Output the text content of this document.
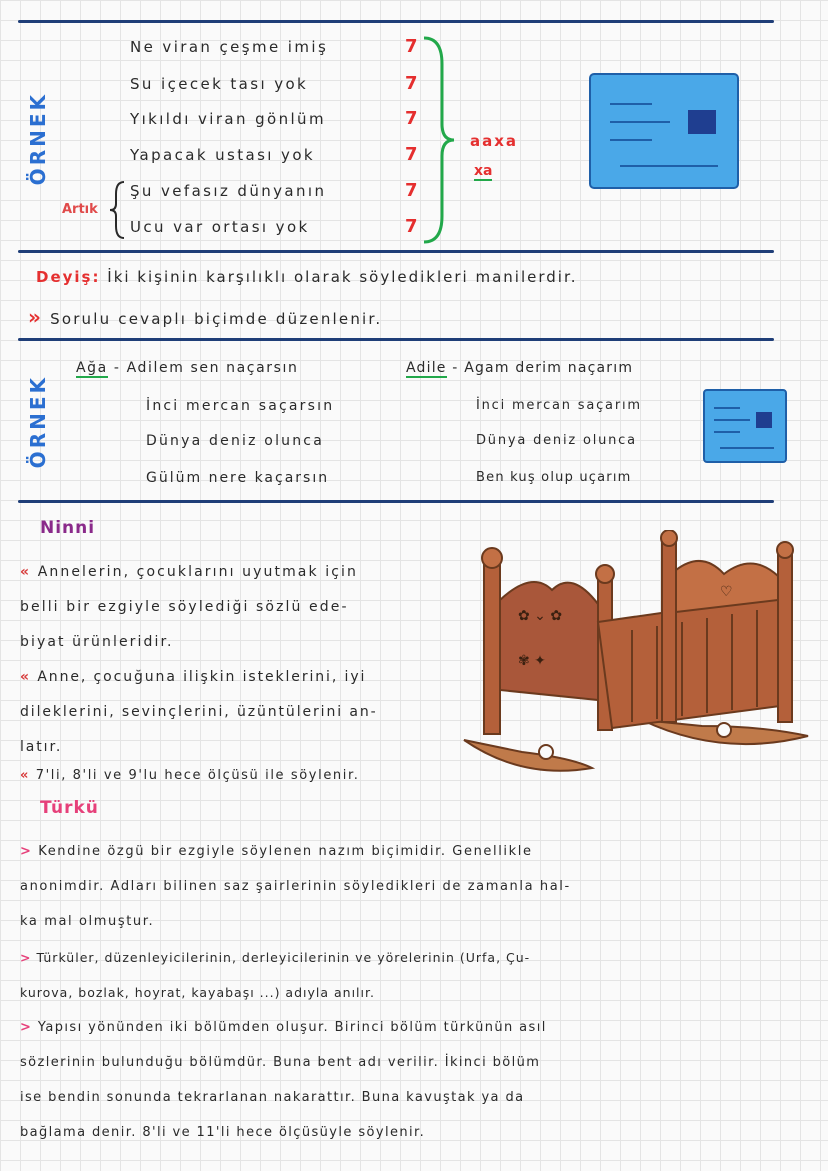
ÖRNEK
Ne viran çeşme imiş
Su içecek tası yok
Yıkıldı viran gönlüm
Yapacak ustası yok
Şu vefasız dünyanın
Ucu var ortası yok
7
7
7
7
7
7
aaxa
xa
Artık
Deyiş: İki kişinin karşılıklı olarak söyledikleri manilerdir.
» Sorulu cevaplı biçimde düzenlenir.
ÖRNEK
Ağa - Adilem sen naçarsın
İnci mercan saçarsın
Dünya deniz olunca
Gülüm nere kaçarsın
Adile - Agam derim naçarım
İnci mercan saçarım
Dünya deniz olunca
Ben kuş olup uçarım
Ninni
« Annelerin, çocuklarını uyutmak için
belli bir ezgiyle söylediği sözlü ede-
biyat ürünleridir.
« Anne, çocuğuna ilişkin isteklerini, iyi
dileklerini, sevinçlerini, üzüntülerini an-
latır.
« 7'li, 8'li ve 9'lu hece ölçüsü ile söylenir.
✿ ⌄ ✿
✾ ✦
♡
Türkü
> Kendine özgü bir ezgiyle söylenen nazım biçimidir. Genellikle
anonimdir. Adları bilinen saz şairlerinin söyledikleri de zamanla hal-
ka mal olmuştur.
> Türküler, düzenleyicilerinin, derleyicilerinin ve yörelerinin (Urfa, Çu-
kurova, bozlak, hoyrat, kayabaşı ...) adıyla anılır.
> Yapısı yönünden iki bölümden oluşur. Birinci bölüm türkünün asıl
sözlerinin bulunduğu bölümdür. Buna bent adı verilir. İkinci bölüm
ise bendin sonunda tekrarlanan nakarattır. Buna kavuştak ya da
bağlama denir. 8'li ve 11'li hece ölçüsüyle söylenir.
